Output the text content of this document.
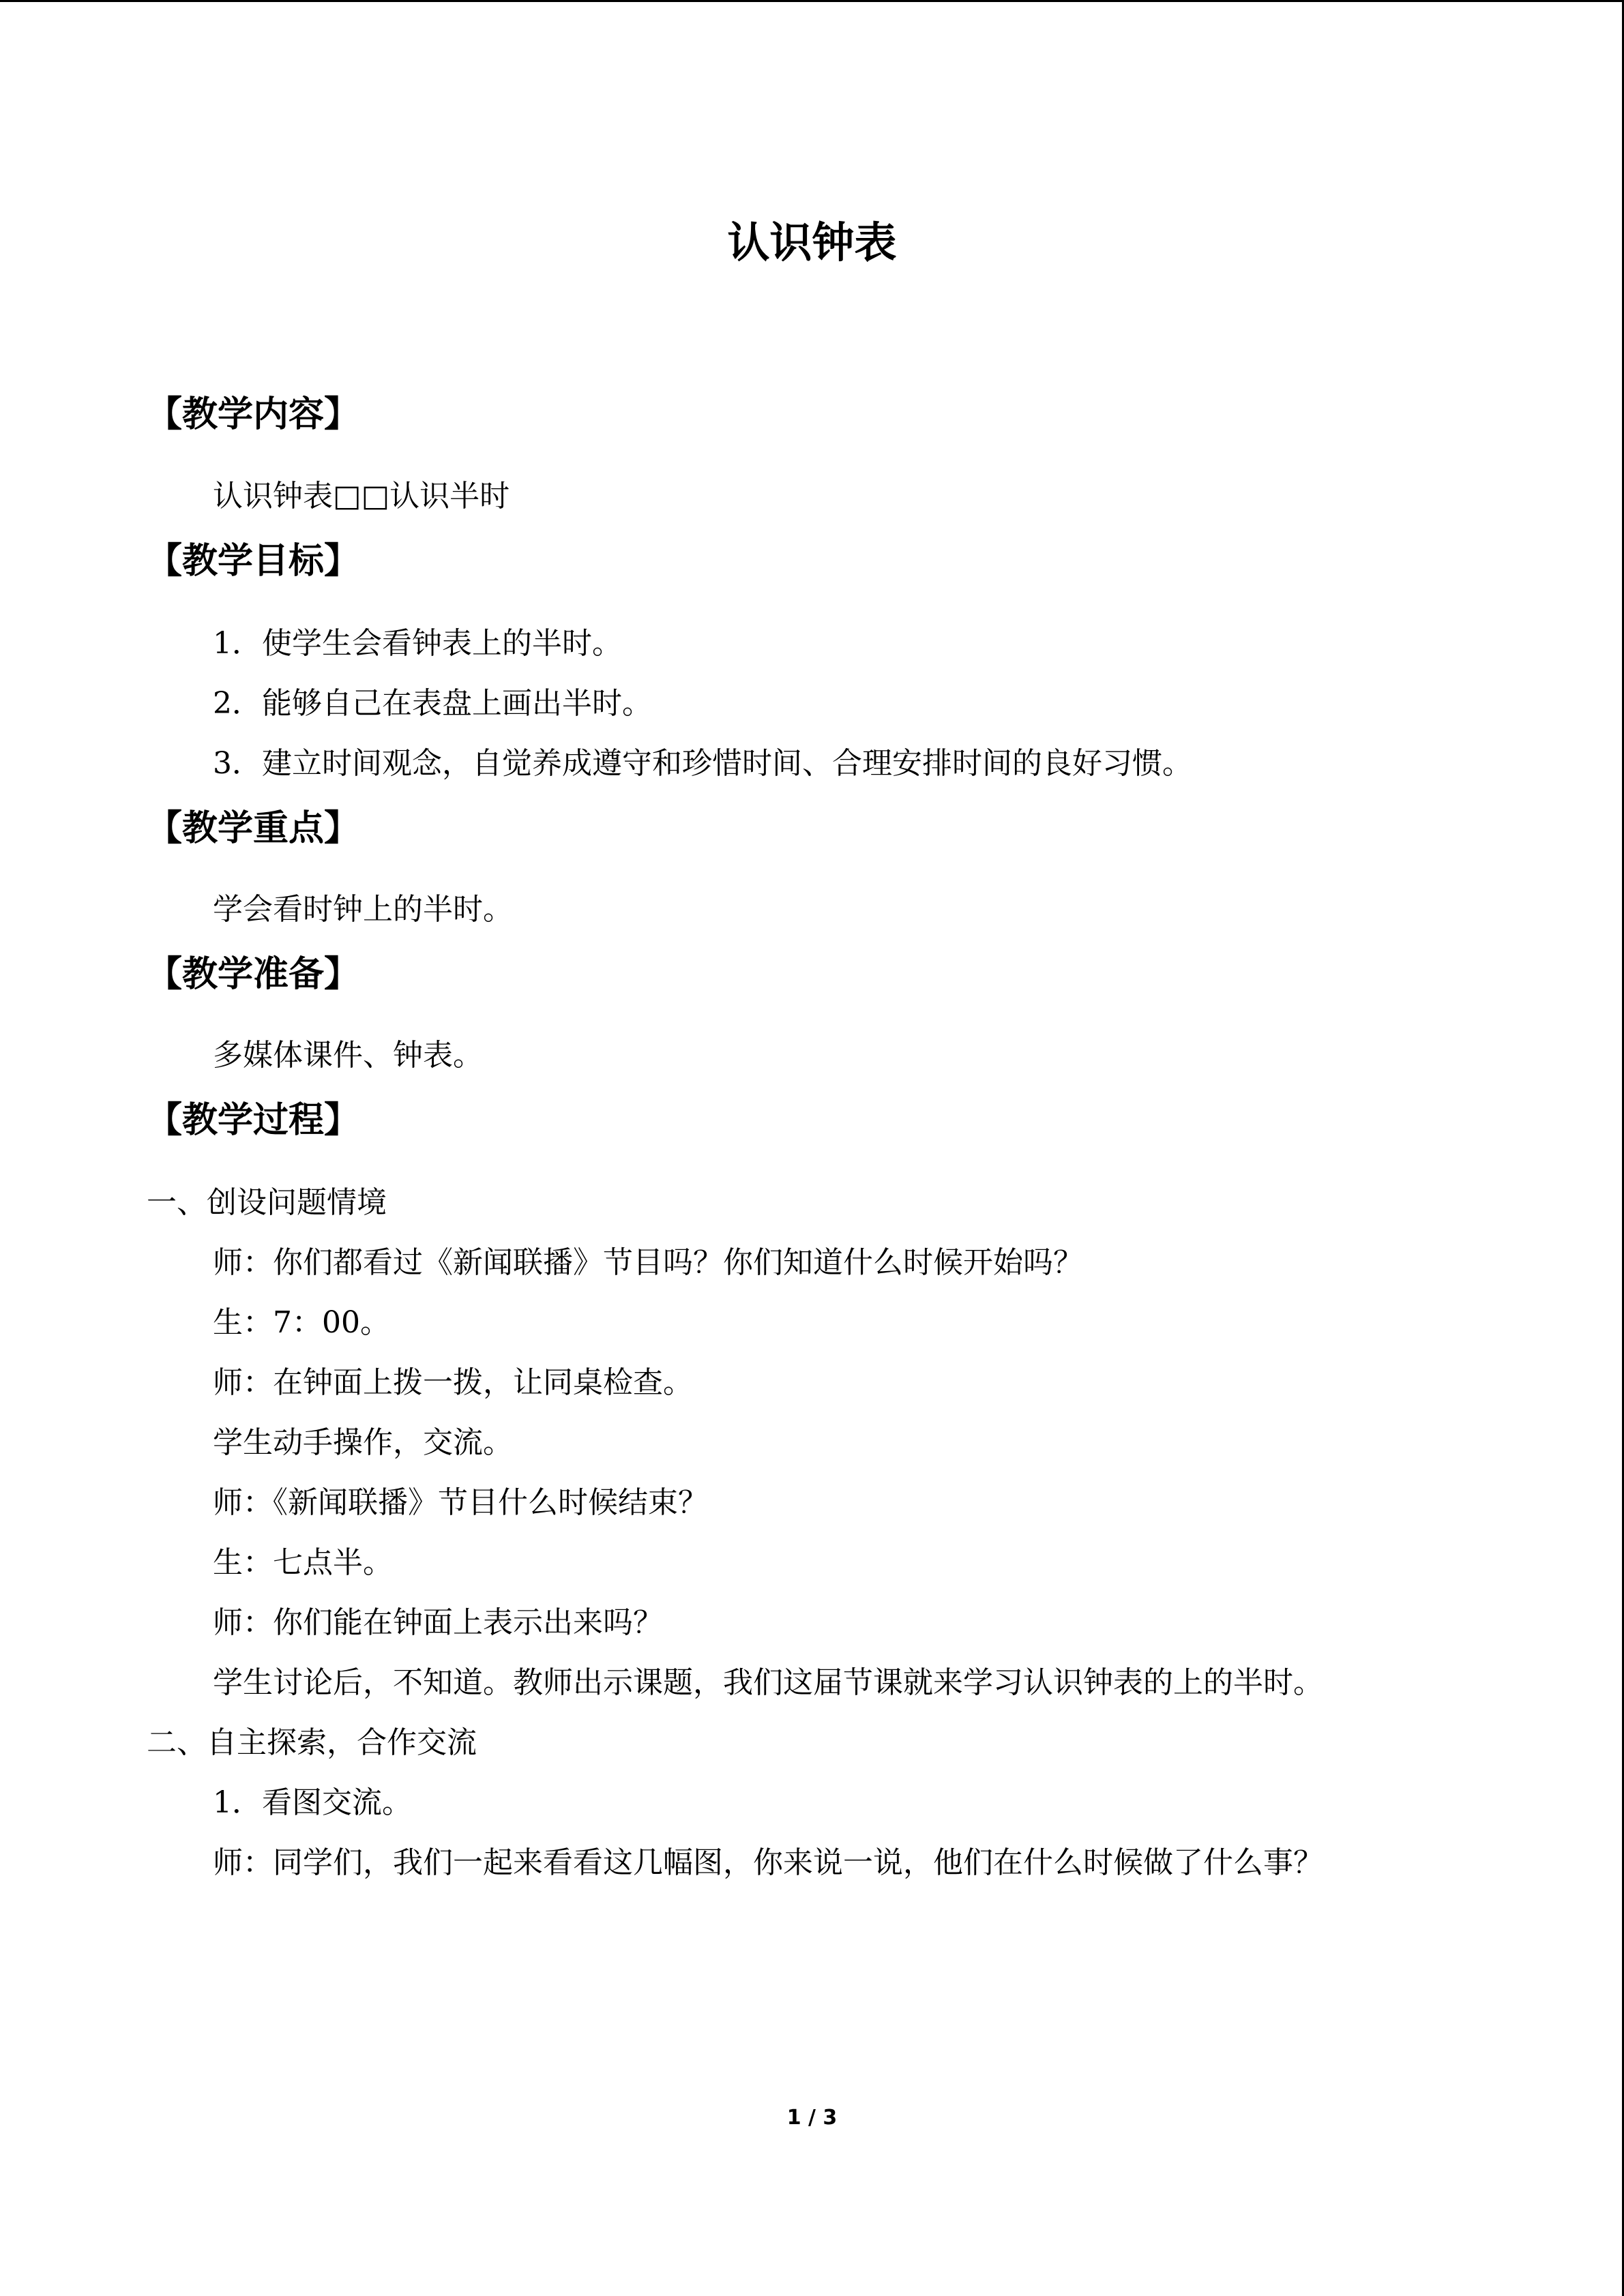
认识钟表
【教学内容】
认识钟表□□认识半时
【教学目标】
1．使学生会看钟表上的半时。
2．能够自己在表盘上画出半时。
3．建立时间观念，自觉养成遵守和珍惜时间、合理安排时间的良好习惯。
【教学重点】
学会看时钟上的半时。
【教学准备】
多媒体课件、钟表。
【教学过程】
一、创设问题情境
师：你们都看过《新闻联播》节目吗？你们知道什么时候开始吗？
生：7：00。
师：在钟面上拨一拨，让同桌检查。
学生动手操作，交流。
师：《新闻联播》节目什么时候结束？
生：七点半。
师：你们能在钟面上表示出来吗？
学生讨论后，不知道。教师出示课题，我们这届节课就来学习认识钟表的上的半时。
二、自主探索，合作交流
1．看图交流。
师：同学们，我们一起来看看这几幅图，你来说一说，他们在什么时候做了什么事？
1 / 3
